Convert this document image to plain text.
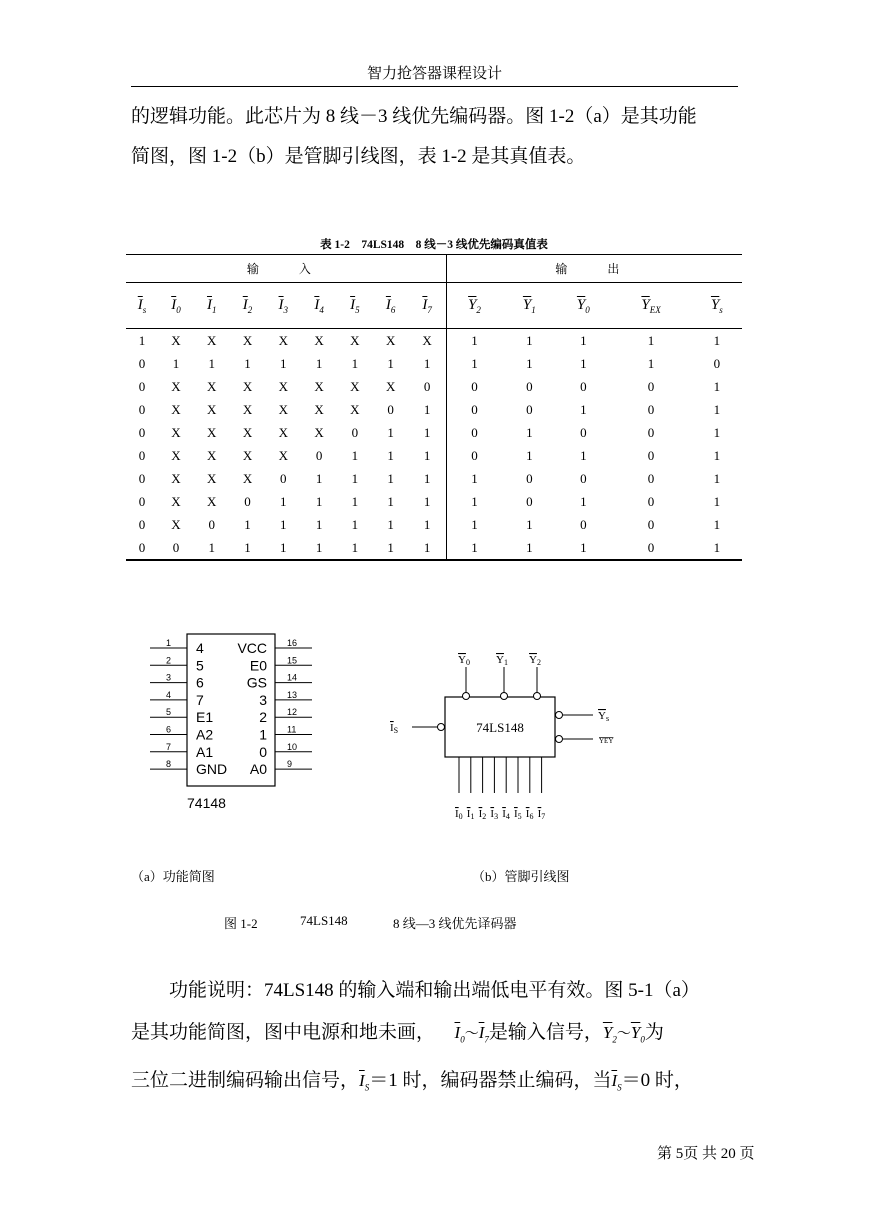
智力抢答器课程设计
的逻辑功能。此芯片为 8 线－3 线优先编码器。图 1-2（a）是其功能
简图，图 1-2（b）是管脚引线图，表 1-2 是其真值表。
表 1-2　74LS148　8 线－3 线优先编码真值表
输　入									输　出				
$\overline{I}_s$	$\overline{I}_0$	$\overline{I}_1$	$\overline{I}_2$	$\overline{I}_3$	$\overline{I}_4$	$\overline{I}_5$	$\overline{I}_6$	$\overline{I}_7$	$\overline{Y}_2$	$\overline{Y}_1$	$\overline{Y}_0$	$\overline{Y}_{EX}$	$\overline{Y}_s$
1	X	X	X	X	X	X	X	X	1	1	1	1	1
0	1	1	1	1	1	1	1	1	1	1	1	1	0
0	X	X	X	X	X	X	X	0	0	0	0	0	1
0	X	X	X	X	X	X	0	1	0	0	1	0	1
0	X	X	X	X	X	0	1	1	0	1	0	0	1
0	X	X	X	X	0	1	1	1	0	1	1	0	1
0	X	X	X	0	1	1	1	1	1	0	0	0	1
0	X	X	0	1	1	1	1	1	1	0	1	0	1
0	X	0	1	1	1	1	1	1	1	1	0	0	1
0	0	1	1	1	1	1	1	1	1	1	1	0	1
1 4
2 5
3 6
4 7
5 E1
6 A2
7 A1
8 GND
16
VCC
15
E0
14
GS
13
3
12
2
11
1
10
0
9
A0
74148
74LS148
Y0 Y1 Y2
Ys
YEY
IS
I0 I1 I2 I3 I4 I5 I6 I7
（a）功能简图	（b）管脚引线图
图 1-2	74LS148	8 线—3 线优先译码器
功能说明：74LS148 的输入端和输出端低电平有效。图 5-1（a）
是其功能简图，图中电源和地未画， $\overline{I}_0\sim\overline{I}_7$是输入信号，$\overline{Y}_2\sim\overline{Y}_0$为
三位二进制编码输出信号，$\overline{I}_S=1$ 时，编码器禁止编码，当$\overline{I}_S=0$ 时，
第 5页 共 20 页
